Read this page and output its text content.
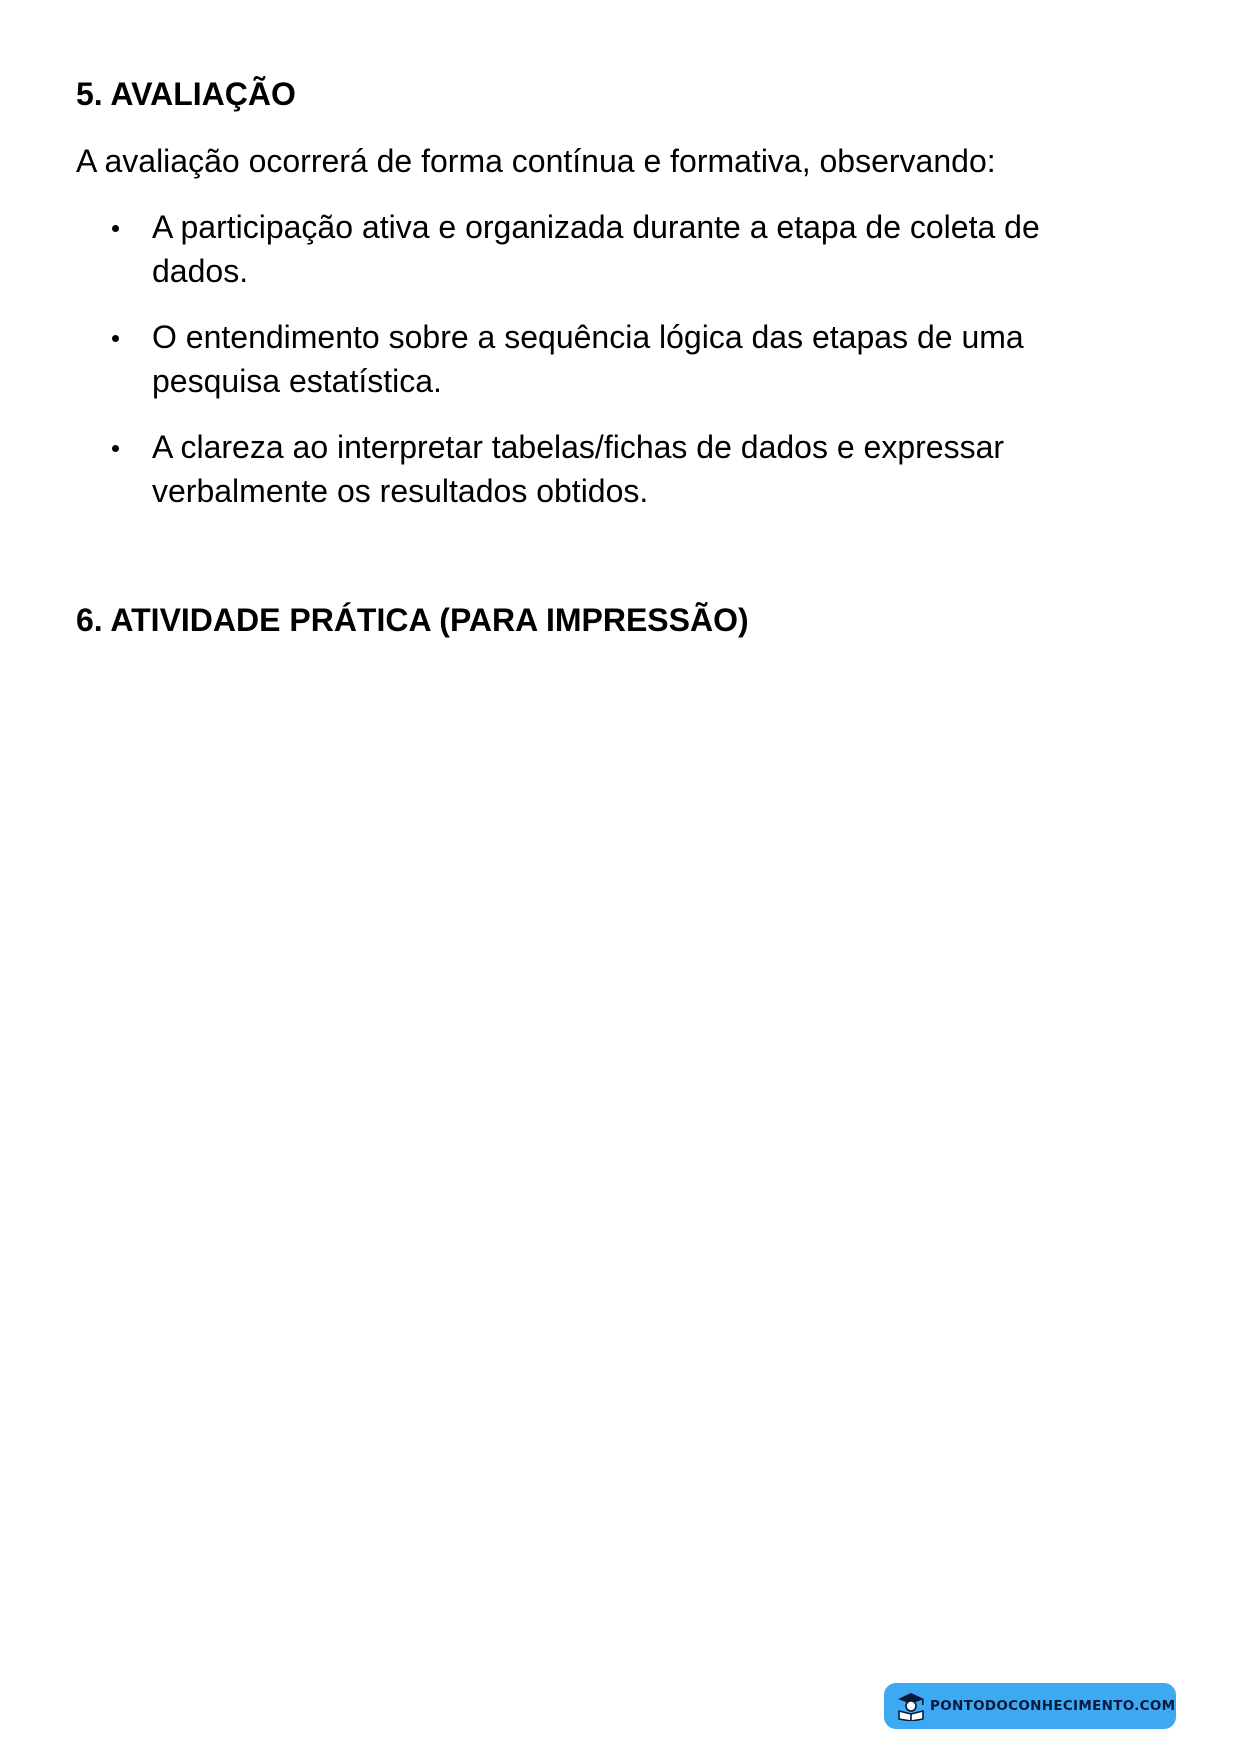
5. AVALIAÇÃO

A avaliação ocorrerá de forma contínua e formativa, observando:

A participação ativa e organizada durante a etapa de coleta de dados.
O entendimento sobre a sequência lógica das etapas de uma pesquisa estatística.
A clareza ao interpretar tabelas/fichas de dados e expressar verbalmente os resultados obtidos.
6. ATIVIDADE PRÁTICA (PARA IMPRESSÃO)
PONTODOCONHECIMENTO.COM
